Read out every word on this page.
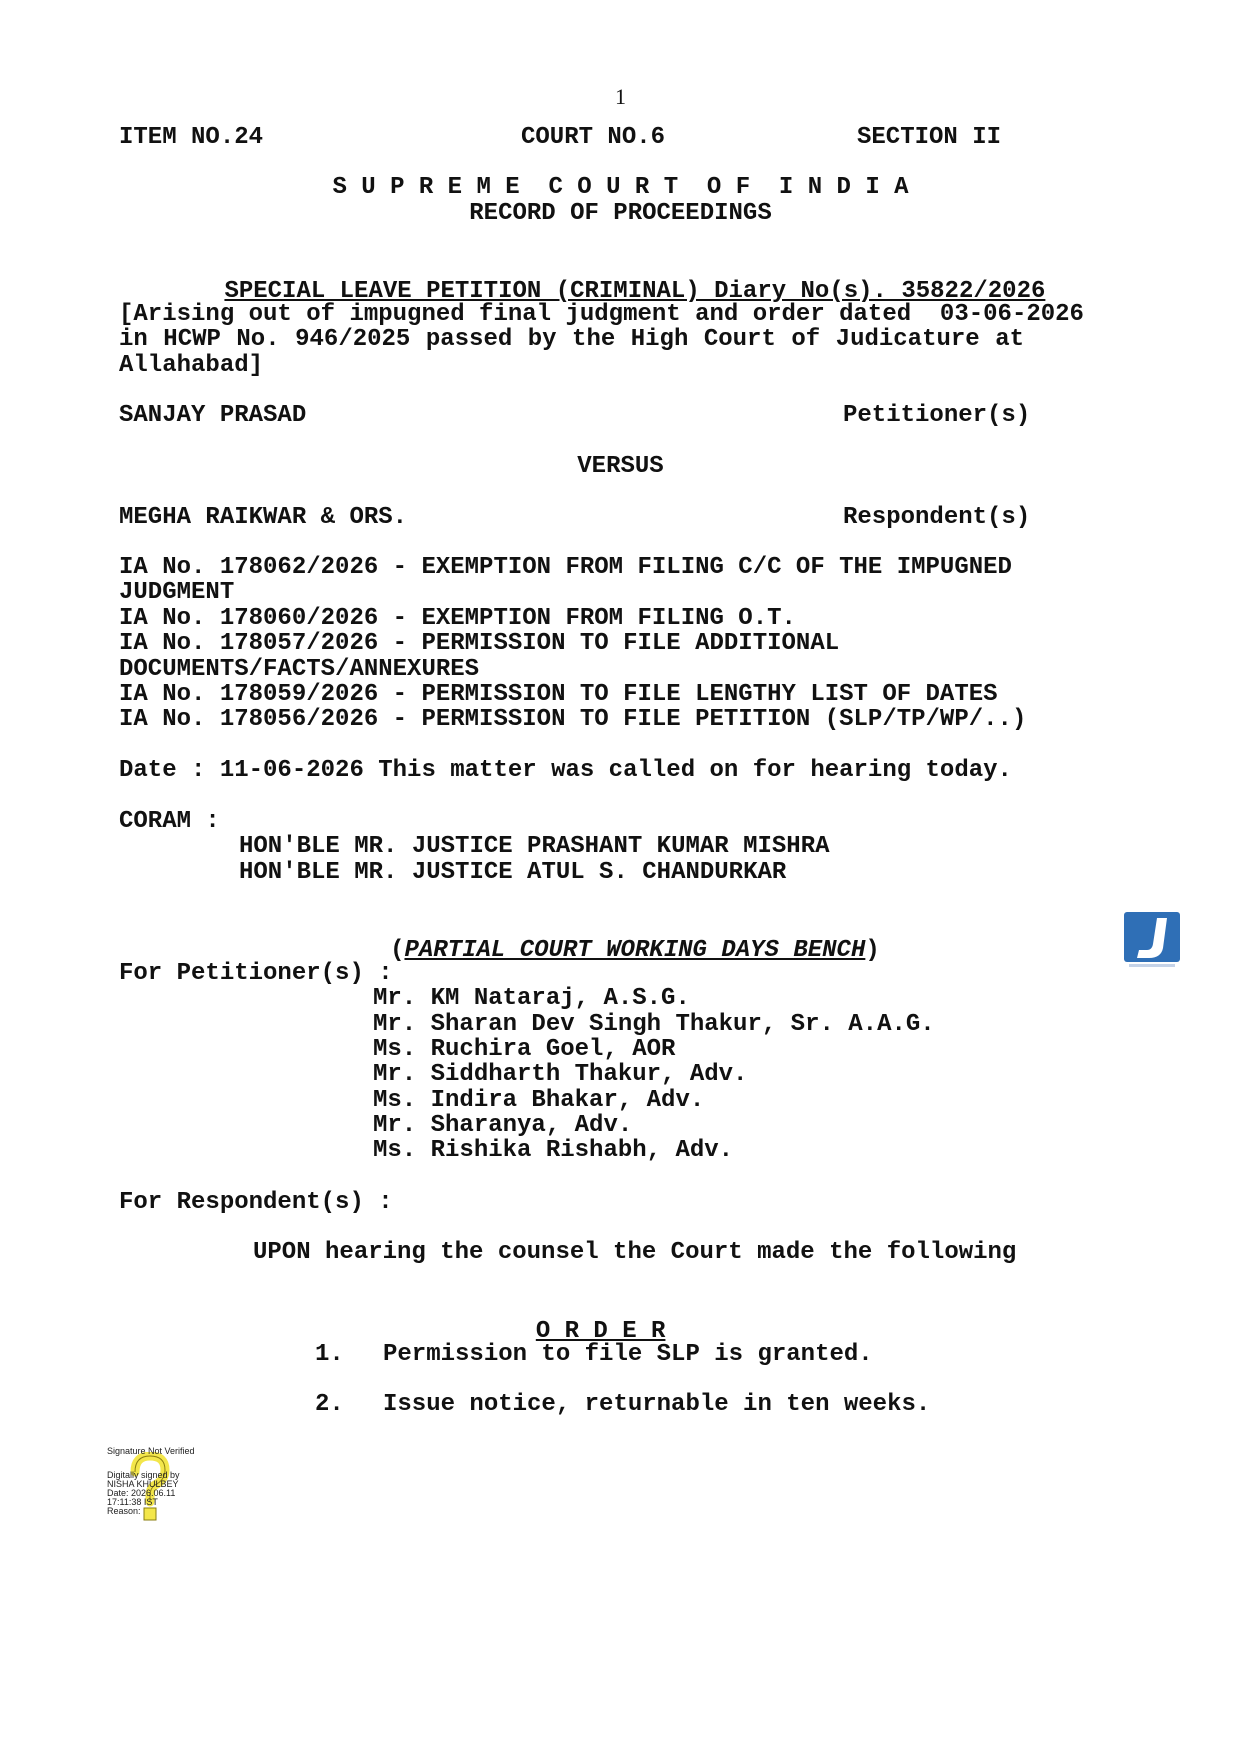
1
ITEM NO.24	COURT NO.6	SECTION II
S U P R E M E  C O U R T  O F  I N D I A
RECORD OF PROCEEDINGS

SPECIAL LEAVE PETITION (CRIMINAL) Diary No(s). 35822/2026

[Arising out of impugned final judgment and order dated  03-06-2026
in HCWP No. 946/2025 passed by the High Court of Judicature at
Allahabad]
SANJAY PRASAD	Petitioner(s)
VERSUS
MEGHA RAIKWAR & ORS.	Respondent(s)
IA No. 178062/2026 - EXEMPTION FROM FILING C/C OF THE IMPUGNED
JUDGMENT
IA No. 178060/2026 - EXEMPTION FROM FILING O.T.
IA No. 178057/2026 - PERMISSION TO FILE ADDITIONAL
DOCUMENTS/FACTS/ANNEXURES
IA No. 178059/2026 - PERMISSION TO FILE LENGTHY LIST OF DATES
IA No. 178056/2026 - PERMISSION TO FILE PETITION (SLP/TP/WP/..)
Date : 11-06-2026 This matter was called on for hearing today.
CORAM :
HON'BLE MR. JUSTICE PRASHANT KUMAR MISHRA
HON'BLE MR. JUSTICE ATUL S. CHANDURKAR

(PARTIAL COURT WORKING DAYS BENCH)

For Petitioner(s) :
Mr. KM Nataraj, A.S.G.
Mr. Sharan Dev Singh Thakur, Sr. A.A.G.
Ms. Ruchira Goel, AOR
Mr. Siddharth Thakur, Adv.
Ms. Indira Bhakar, Adv.
Mr. Sharanya, Adv.
Ms. Rishika Rishabh, Adv.
For Respondent(s) :
UPON hearing the counsel the Court made the following

O R D E R

1. Permission to file SLP is granted.
2. Issue notice, returnable in ten weeks.
Signature Not Verified
Digitally signed by
NISHA KHULBEY
Date: 2026.06.11
17:11:38 IST
Reason:
